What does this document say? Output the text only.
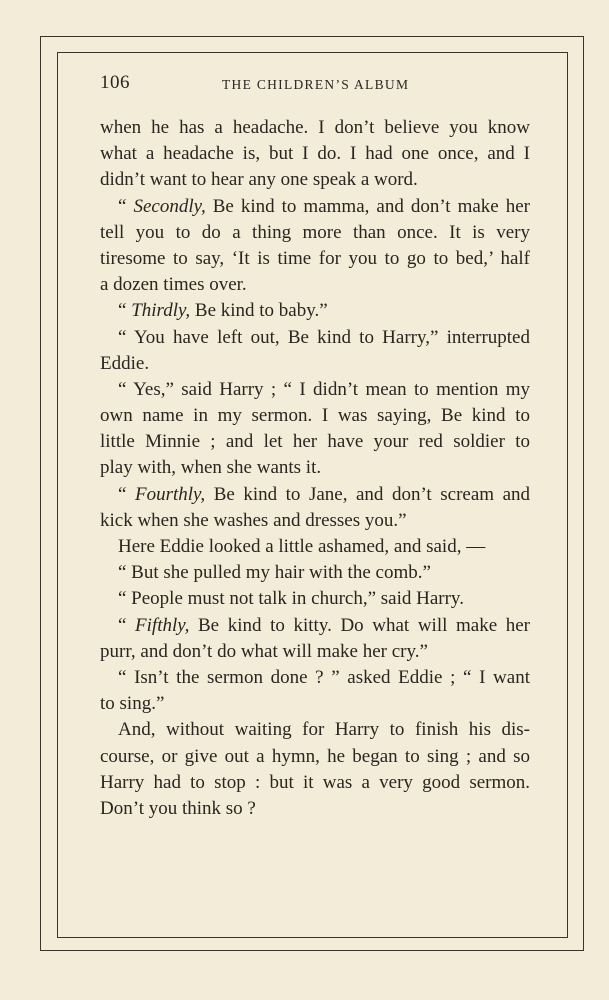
106	THE CHILDREN’S ALBUM
when he has a headache. I don’t believe you know
what a headache is, but I do. I had one once, and I
didn’t want to hear any one speak a word.
“ Secondly, Be kind to mamma, and don’t make her
tell you to do a thing more than once. It is very
tiresome to say, ‘It is time for you to go to bed,’ half
a dozen times over.
“ Thirdly, Be kind to baby.”
“ You have left out, Be kind to Harry,” interrupted
Eddie.
“ Yes,” said Harry ; “ I didn’t mean to mention my
own name in my sermon. I was saying, Be kind to
little Minnie ; and let her have your red soldier to
play with, when she wants it.
“ Fourthly, Be kind to Jane, and don’t scream and
kick when she washes and dresses you.”
Here Eddie looked a little ashamed, and said, —
“ But she pulled my hair with the comb.”
“ People must not talk in church,” said Harry.
“ Fifthly, Be kind to kitty. Do what will make her
purr, and don’t do what will make her cry.”
“ Isn’t the sermon done ? ” asked Eddie ; “ I want
to sing.”
And, without waiting for Harry to finish his dis-
course, or give out a hymn, he began to sing ; and so
Harry had to stop : but it was a very good sermon.
Don’t you think so ?
